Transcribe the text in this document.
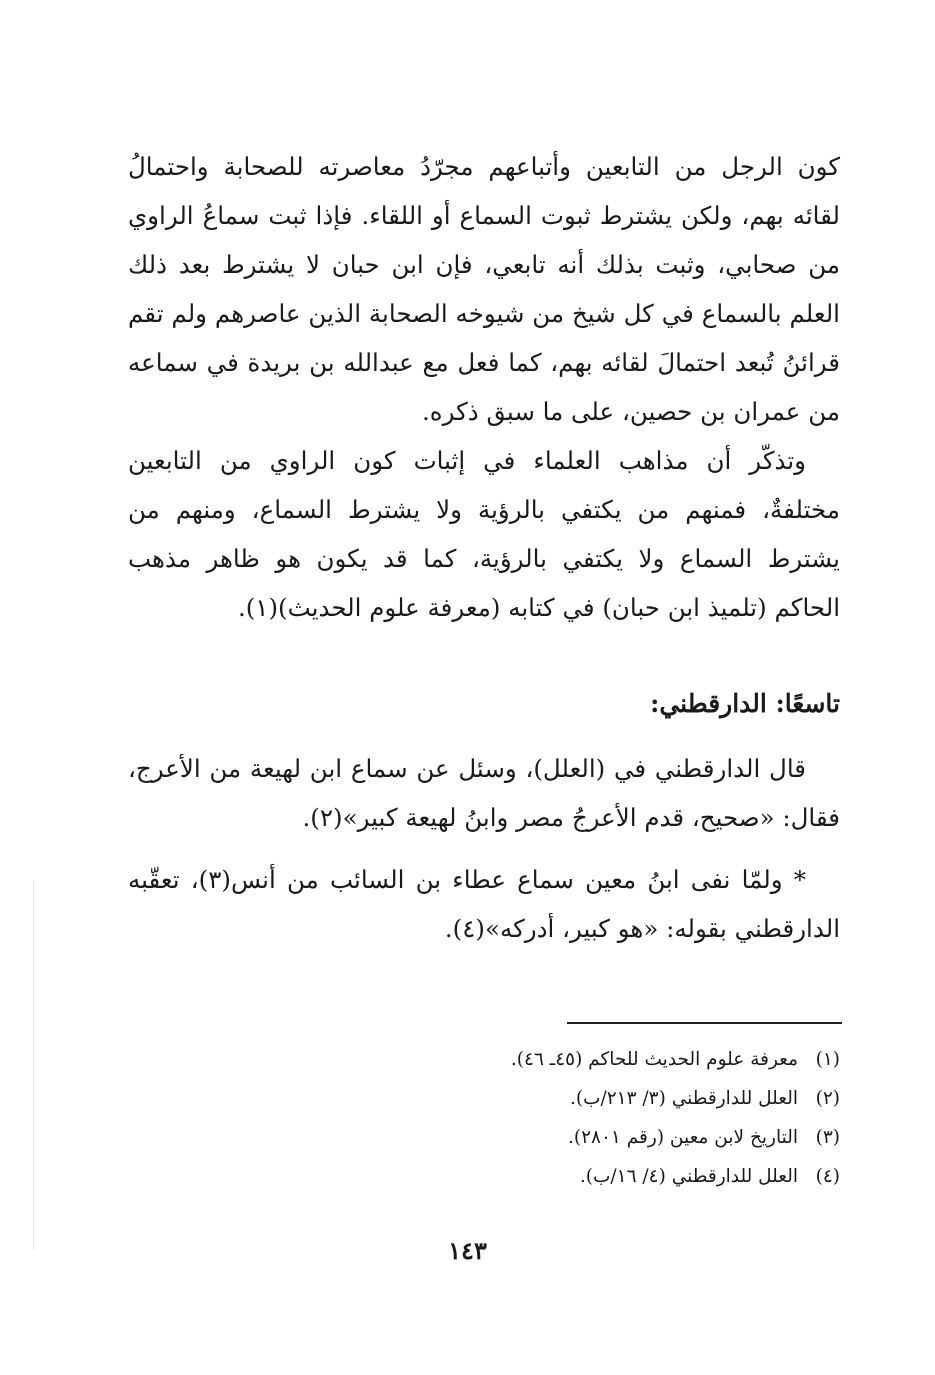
كون الرجل من التابعين وأتباعهم مجرّدُ معاصرته للصحابة واحتمالُ
لقائه بهم، ولكن يشترط ثبوت السماع أو اللقاء. فإذا ثبت سماعُ الراوي
من صحابي، وثبت بذلك أنه تابعي، فإن ابن حبان لا يشترط بعد ذلك
العلم بالسماع في كل شيخ من شيوخه الصحابة الذين عاصرهم ولم تقم
قرائنُ تُبعد احتمالَ لقائه بهم، كما فعل مع عبدالله بن بريدة في سماعه
من عمران بن حصين، على ما سبق ذكره.
وتذكّر أن مذاهب العلماء في إثبات كون الراوي من التابعين
مختلفةٌ، فمنهم من يكتفي بالرؤية ولا يشترط السماع، ومنهم من
يشترط السماع ولا يكتفي بالرؤية، كما قد يكون هو ظاهر مذهب
الحاكم (تلميذ ابن حبان) في كتابه (معرفة علوم الحديث)(١).
تاسعًا: الدارقطني:
قال الدارقطني في (العلل)، وسئل عن سماع ابن لهيعة من الأعرج،
فقال: «صحيح، قدم الأعرجُ مصر وابنُ لهيعة كبير»(٢).
* ولمّا نفى ابنُ معين سماع عطاء بن السائب من أنس(٣)، تعقّبه
الدارقطني بقوله: «هو كبير، أدركه»(٤).
(١)معرفة علوم الحديث للحاكم (٤٥ـ ٤٦).
(٢)العلل للدارقطني (٣/ ٢١٣/ب).
(٣)التاريخ لابن معين (رقم ٢٨٠١).
(٤)العلل للدارقطني (٤/ ١٦/ب).
١٤٣
